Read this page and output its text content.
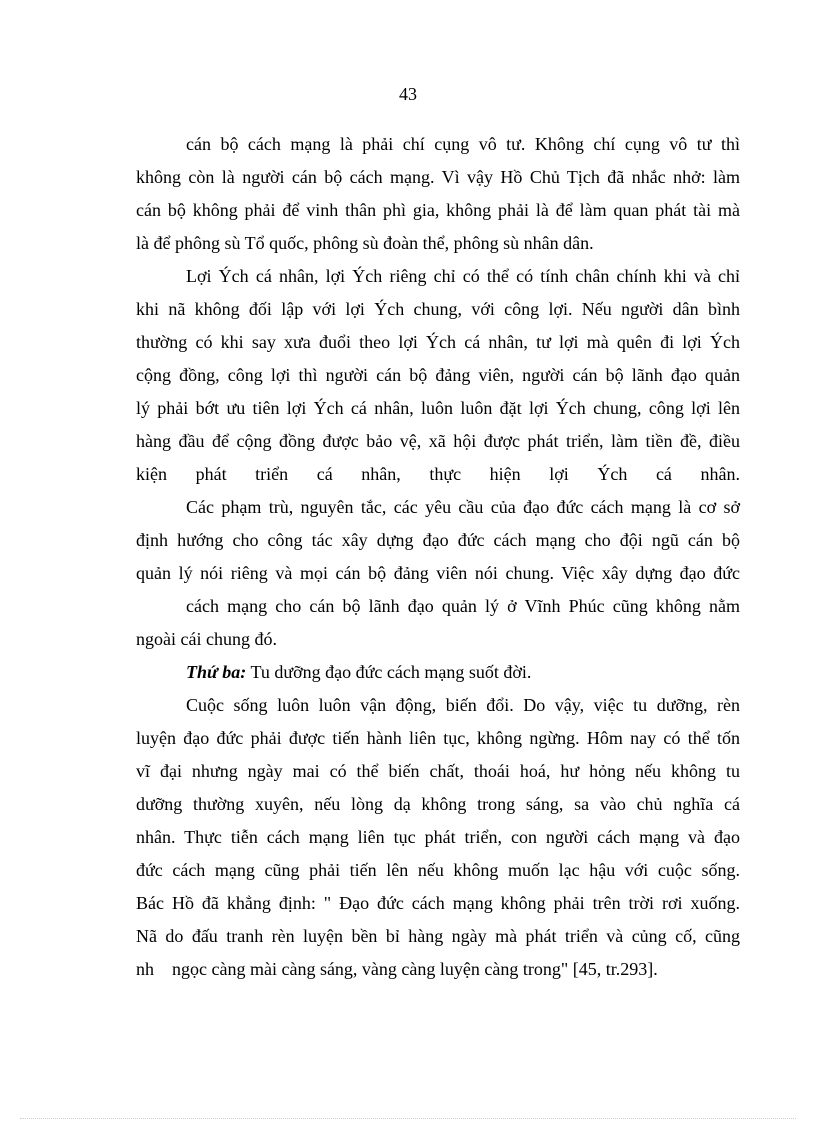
43
cán bộ cách mạng là phải chí cụng vô tư. Không chí cụng vô tư thì
không còn là người cán bộ cách mạng. Vì vậy Hồ Chủ Tịch đã nhắc nhở: làm
cán bộ không phải để vinh thân phì gia, không phải là để làm quan phát tài mà
là để phông sù Tổ quốc, phông sù đoàn thể, phông sù nhân dân.
Lợi Ých cá nhân, lợi Ých riêng chỉ có thể có tính chân chính khi và chỉ
khi nã không đối lập với lợi Ých chung, với công lợi. Nếu người dân bình
thường có khi say xưa đuổi theo lợi Ých cá nhân, tư lợi mà quên đi lợi Ých
cộng đồng, công lợi thì người cán bộ đảng viên, người cán bộ lãnh đạo quản
lý phải bớt ưu tiên lợi Ých cá nhân, luôn luôn đặt lợi Ých chung, công lợi lên
hàng đầu để cộng đồng được bảo vệ, xã hội được phát triển, làm tiền đề, điều
kiện phát triển cá nhân, thực hiện lợi Ých cá nhân.
Các phạm trù, nguyên tắc, các yêu cầu của đạo đức cách mạng là cơ sở
định hướng cho công tác xây dựng đạo đức cách mạng cho đội ngũ cán bộ
quản lý nói riêng và mọi cán bộ đảng viên nói chung. Việc xây dựng đạo đức
cách mạng cho cán bộ lãnh đạo quản lý ở Vĩnh Phúc cũng không nằm
ngoài cái chung đó.
Thứ ba: Tu dưỡng đạo đức cách mạng suốt đời.
Cuộc sống luôn luôn vận động, biến đổi. Do vậy, việc tu dưỡng, rèn
luyện đạo đức phải được tiến hành liên tục, không ngừng. Hôm nay có thể tốn
vĩ đại nhưng ngày mai có thể biến chất, thoái hoá, hư hỏng nếu không tu
dưỡng thường xuyên, nếu lòng dạ không trong sáng, sa vào chủ nghĩa cá
nhân. Thực tiễn cách mạng liên tục phát triển, con người cách mạng và đạo
đức cách mạng cũng phải tiến lên nếu không muốn lạc hậu với cuộc sống.
Bác Hồ đã khẳng định: " Đạo đức cách mạng không phải trên trời rơi xuống.
Nã do đấu tranh rèn luyện bền bỉ hàng ngày mà phát triển và củng cố, cũng
nh ngọc càng mài càng sáng, vàng càng luyện càng trong" [45, tr.293].
